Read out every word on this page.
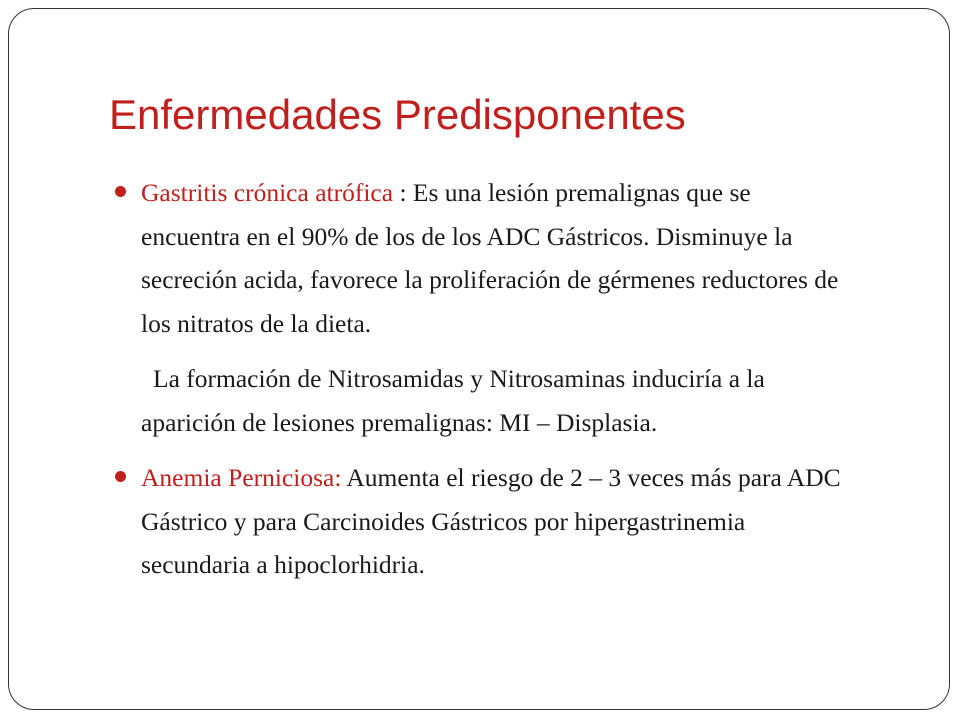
Enfermedades Predisponentes

Gastritis crónica atrófica : Es una lesión premalignas que se encuentra en el 90% de los de los ADC Gástricos. Disminuye la secreción acida, favorece la proliferación de gérmenes reductores de los nitratos de la dieta.

La formación de Nitrosamidas y Nitrosaminas induciría a la aparición de lesiones premalignas: MI – Displasia.

Anemia Perniciosa: Aumenta el riesgo de 2 – 3 veces más para ADC Gástrico y para Carcinoides Gástricos por hipergastrinemia secundaria a hipoclorhidria.
